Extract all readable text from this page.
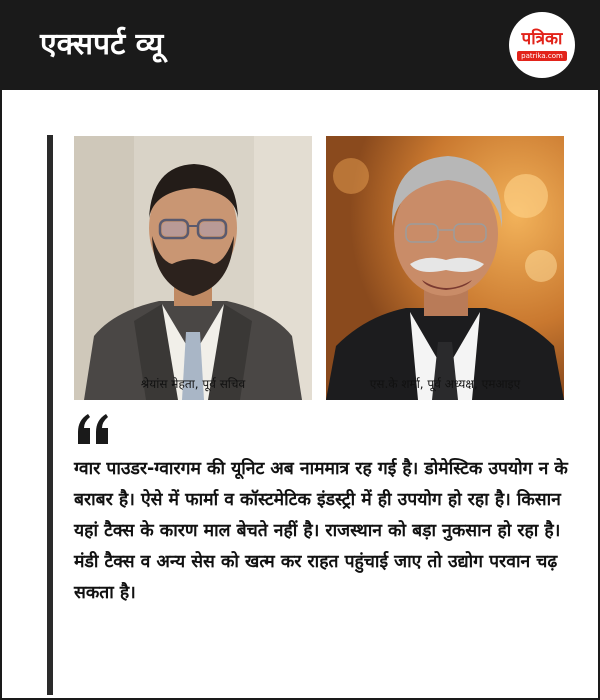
एक्सपर्ट व्यू	पत्रिका
patrika.com
श्रेयांस मेहता, पूर्व सचिव	एस.के शर्मा, पूर्व अध्यक्ष, एमआइए
ग्वार पाउडर-ग्वारगम की यूनिट अब नाममात्र रह गई है। डोमेस्टिक उपयोग न के बराबर है। ऐसे में फार्मा व कॉस्टमेटिक इंडस्ट्री में ही उपयोग हो रहा है। किसान यहां टैक्स के कारण माल बेचते नहीं है। राजस्थान को बड़ा नुकसान हो रहा है। मंडी टैक्स व अन्य सेस को खत्म कर राहत पहुंचाई जाए तो उद्योग परवान चढ़ सकता है।
